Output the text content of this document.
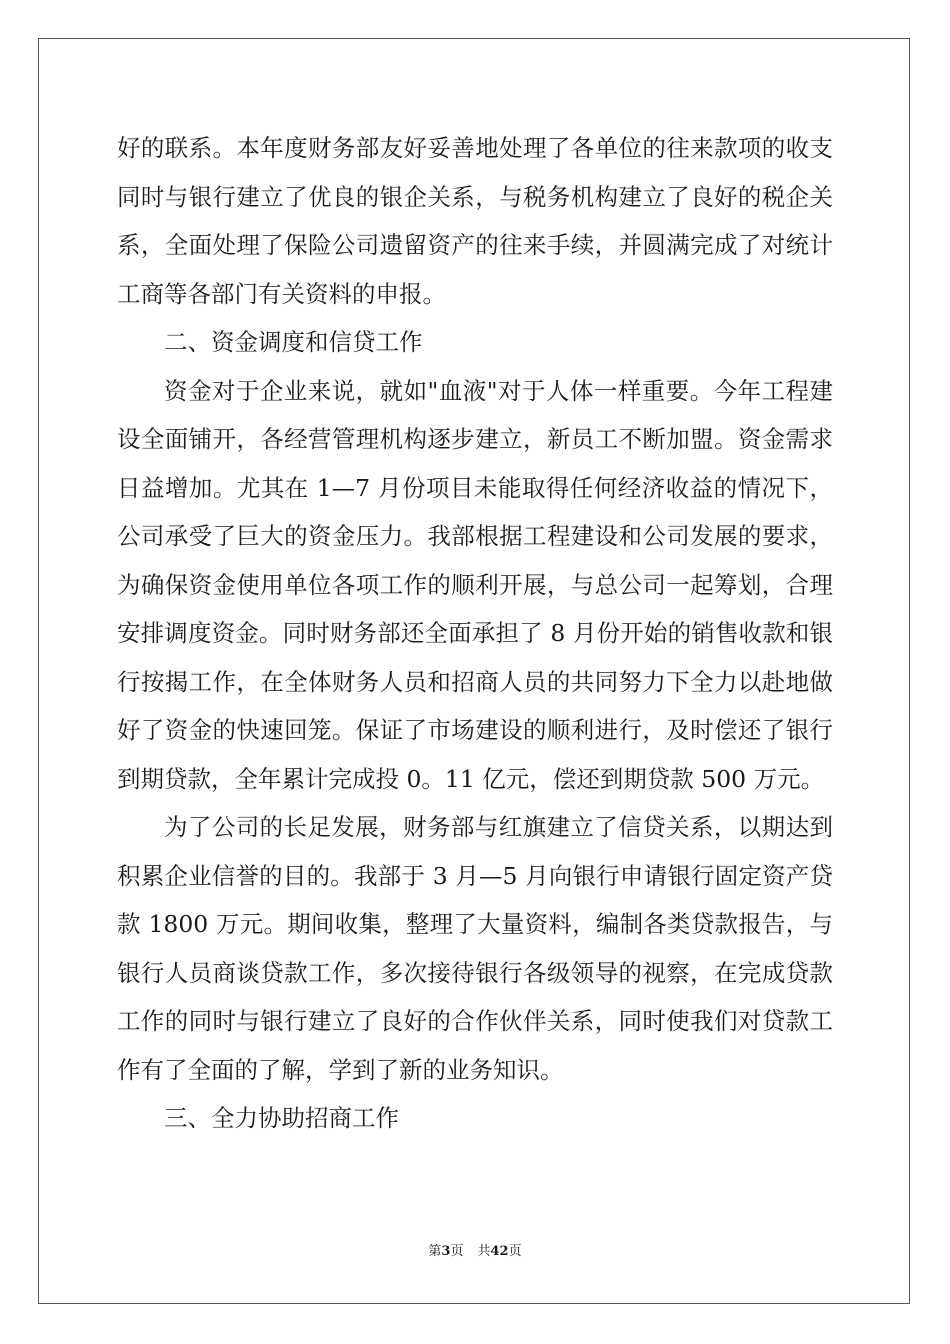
好的联系。本年度财务部友好妥善地处理了各单位的往来款项的收支
同时与银行建立了优良的银企关系，与税务机构建立了良好的税企关
系，全面处理了保险公司遗留资产的往来手续，并圆满完成了对统计
工商等各部门有关资料的申报。
二、资金调度和信贷工作
资金对于企业来说，就如"血液"对于人体一样重要。今年工程建
设全面铺开，各经营管理机构逐步建立，新员工不断加盟。资金需求
日益增加。尤其在 1—7 月份项目未能取得任何经济收益的情况下，
公司承受了巨大的资金压力。我部根据工程建设和公司发展的要求，
为确保资金使用单位各项工作的顺利开展，与总公司一起筹划，合理
安排调度资金。同时财务部还全面承担了 8 月份开始的销售收款和银
行按揭工作，在全体财务人员和招商人员的共同努力下全力以赴地做
好了资金的快速回笼。保证了市场建设的顺利进行，及时偿还了银行
到期贷款，全年累计完成投 0。11 亿元，偿还到期贷款 500 万元。
为了公司的长足发展，财务部与红旗建立了信贷关系，以期达到
积累企业信誉的目的。我部于 3 月—5 月向银行申请银行固定资产贷
款 1800 万元。期间收集，整理了大量资料，编制各类贷款报告，与
银行人员商谈贷款工作，多次接待银行各级领导的视察，在完成贷款
工作的同时与银行建立了良好的合作伙伴关系，同时使我们对贷款工
作有了全面的了解，学到了新的业务知识。
三、全力协助招商工作
第3页 共42页
